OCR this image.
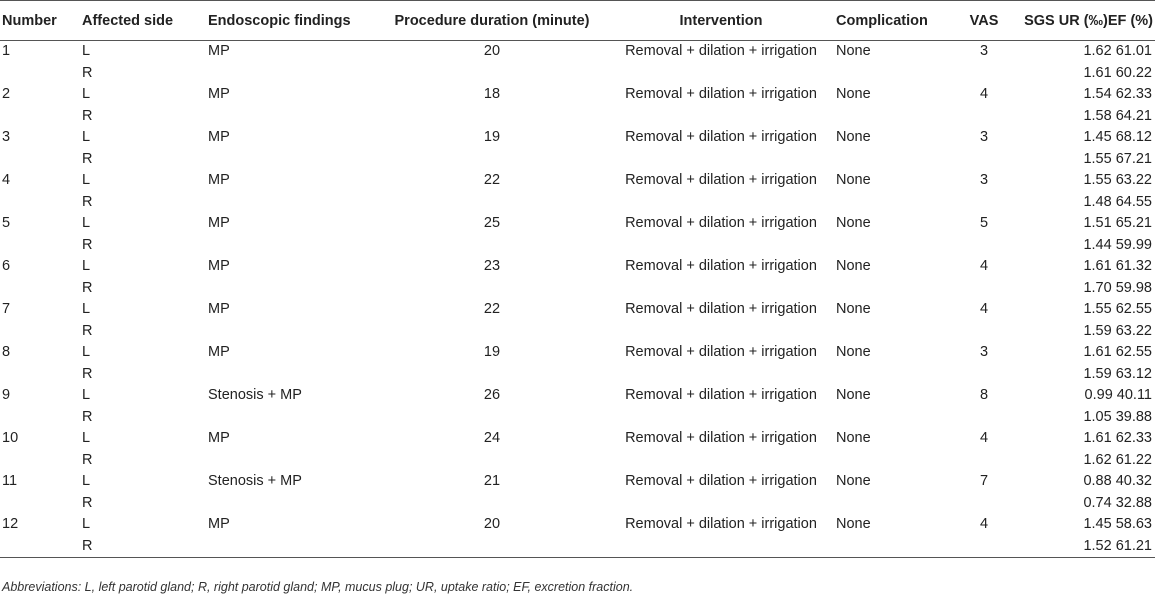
Number	Affected side	Endoscopic findings	Procedure duration (minute)	Intervention	Complication	VAS	SGS UR (‰)EF (%)
1	L	MP	20	Removal + dilation + irrigation	None	3	1.62 61.01
	R						1.61 60.22
2	L	MP	18	Removal + dilation + irrigation	None	4	1.54 62.33
	R						1.58 64.21
3	L	MP	19	Removal + dilation + irrigation	None	3	1.45 68.12
	R						1.55 67.21
4	L	MP	22	Removal + dilation + irrigation	None	3	1.55 63.22
	R						1.48 64.55
5	L	MP	25	Removal + dilation + irrigation	None	5	1.51 65.21
	R						1.44 59.99
6	L	MP	23	Removal + dilation + irrigation	None	4	1.61 61.32
	R						1.70 59.98
7	L	MP	22	Removal + dilation + irrigation	None	4	1.55 62.55
	R						1.59 63.22
8	L	MP	19	Removal + dilation + irrigation	None	3	1.61 62.55
	R						1.59 63.12
9	L	Stenosis + MP	26	Removal + dilation + irrigation	None	8	0.99 40.11
	R						1.05 39.88
10	L	MP	24	Removal + dilation + irrigation	None	4	1.61 62.33
	R						1.62 61.22
11	L	Stenosis + MP	21	Removal + dilation + irrigation	None	7	0.88 40.32
	R						0.74 32.88
12	L	MP	20	Removal + dilation + irrigation	None	4	1.45 58.63
	R						1.52 61.21
Abbreviations: L, left parotid gland; R, right parotid gland; MP, mucus plug; UR, uptake ratio; EF, excretion fraction.
